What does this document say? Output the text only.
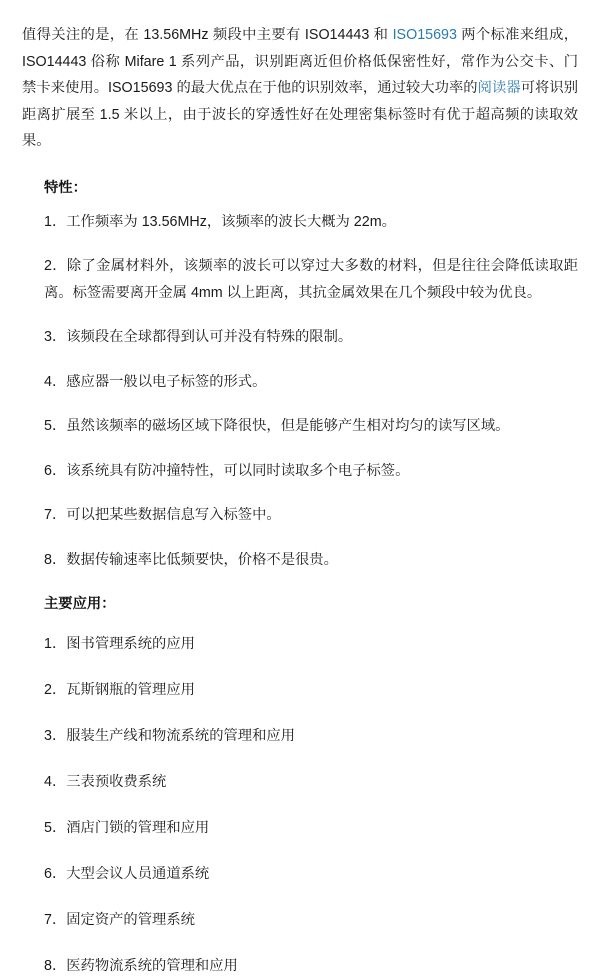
值得关注的是，在 13.56MHz 频段中主要有 ISO14443 和 ISO15693 两个标准来组成，ISO14443 俗称 Mifare 1 系列产品，识别距离近但价格低保密性好，常作为公交卡、门禁卡来使用。ISO15693 的最大优点在于他的识别效率，通过较大功率的阅读器可将识别距离扩展至 1.5 米以上，由于波长的穿透性好在处理密集标签时有优于超高频的读取效果。

特性：
1．工作频率为 13.56MHz，该频率的波长大概为 22m。
2．除了金属材料外，该频率的波长可以穿过大多数的材料，但是往往会降低读取距离。标签需要离开金属 4mm 以上距离，其抗金属效果在几个频段中较为优良。
3．该频段在全球都得到认可并没有特殊的限制。
4．感应器一般以电子标签的形式。
5．虽然该频率的磁场区域下降很快，但是能够产生相对均匀的读写区域。
6．该系统具有防冲撞特性，可以同时读取多个电子标签。
7．可以把某些数据信息写入标签中。
8．数据传输速率比低频要快，价格不是很贵。
主要应用：
1．图书管理系统的应用
2．瓦斯钢瓶的管理应用
3．服装生产线和物流系统的管理和应用
4．三表预收费系统
5．酒店门锁的管理和应用
6．大型会议人员通道系统
7．固定资产的管理系统
8．医药物流系统的管理和应用
